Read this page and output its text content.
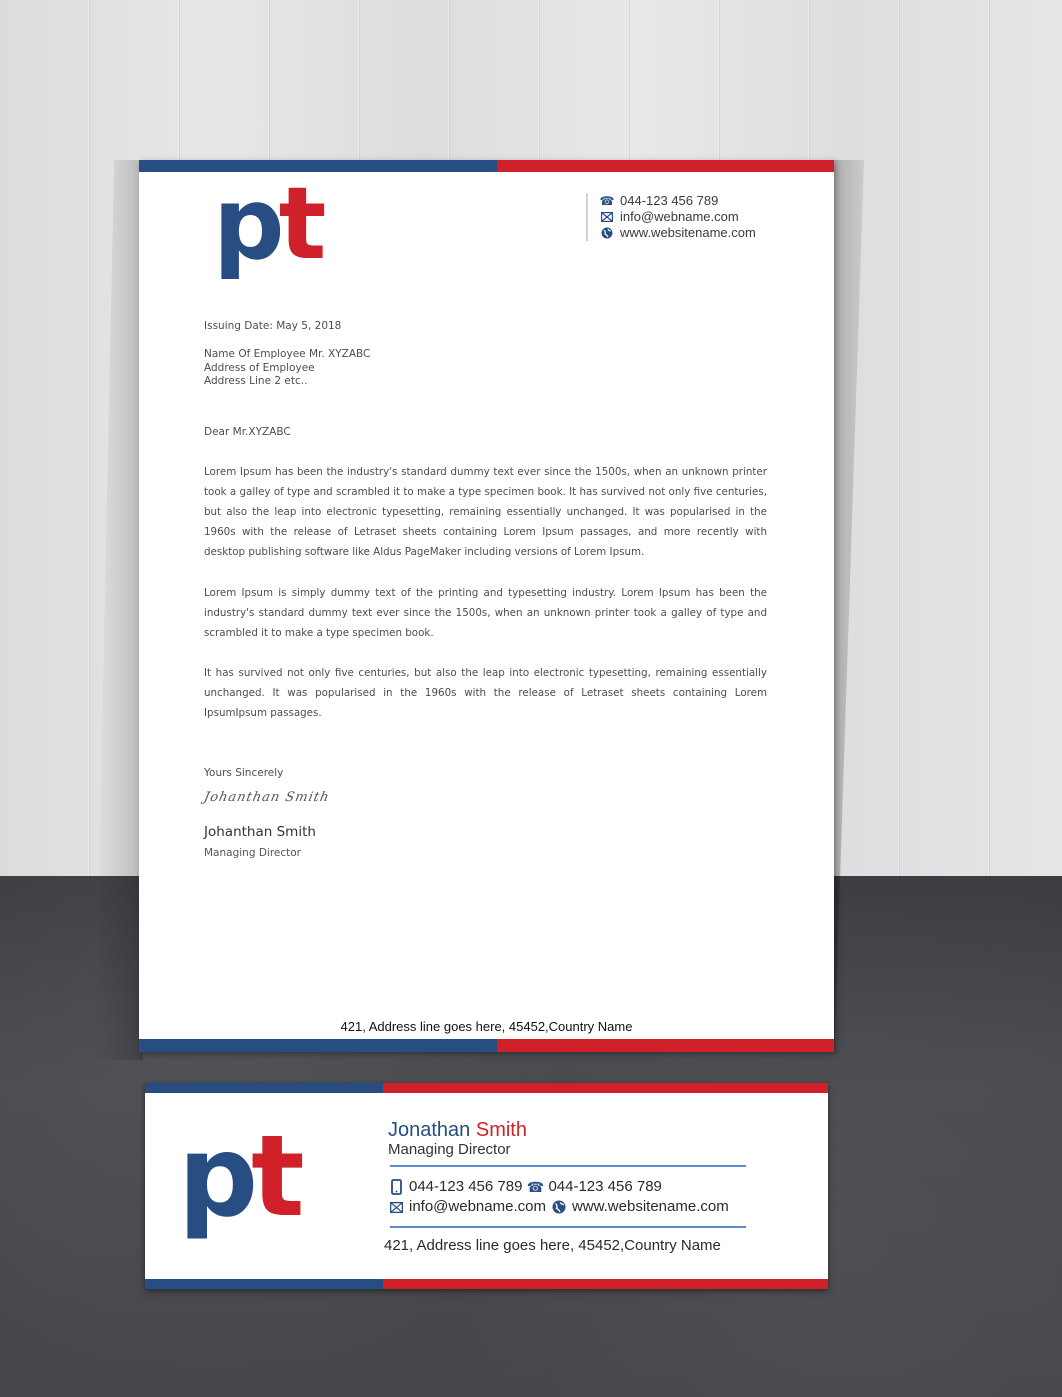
pt	☎ 044-123 456 789
info@webname.com
www.websitename.com
Issuing Date: May 5, 2018
Name Of Employee Mr. XYZABC
Address of Employee
Address Line 2 etc..
Dear Mr.XYZABC
Lorem Ipsum has been the industry's standard dummy text ever since the 1500s, when an unknown printer took a galley of type and scrambled it to make a type specimen book. It has survived not only five centuries, but also the leap into electronic typesetting, remaining essentially unchanged. It was popularised in the 1960s with the release of Letraset sheets containing Lorem Ipsum passages, and more recently with desktop publishing software like Aldus PageMaker including versions of Lorem Ipsum.
Lorem Ipsum is simply dummy text of the printing and typesetting industry. Lorem Ipsum has been the industry's standard dummy text ever since the 1500s, when an unknown printer took a galley of type and scrambled it to make a type specimen book.
It has survived not only five centuries, but also the leap into electronic typesetting, remaining essentially unchanged. It was popularised in the 1960s with the release of Letraset sheets containing Lorem IpsumIpsum passages.
Yours Sincerely
Johanthan Smith
Johanthan Smith
Managing Director
421, Address line goes here, 45452,Country Name
pt	Jonathan Smith
Managing Director
044-123 456 789 ☎ 044-123 456 789
info@webname.com www.websitename.com
421, Address line goes here, 45452,Country Name
